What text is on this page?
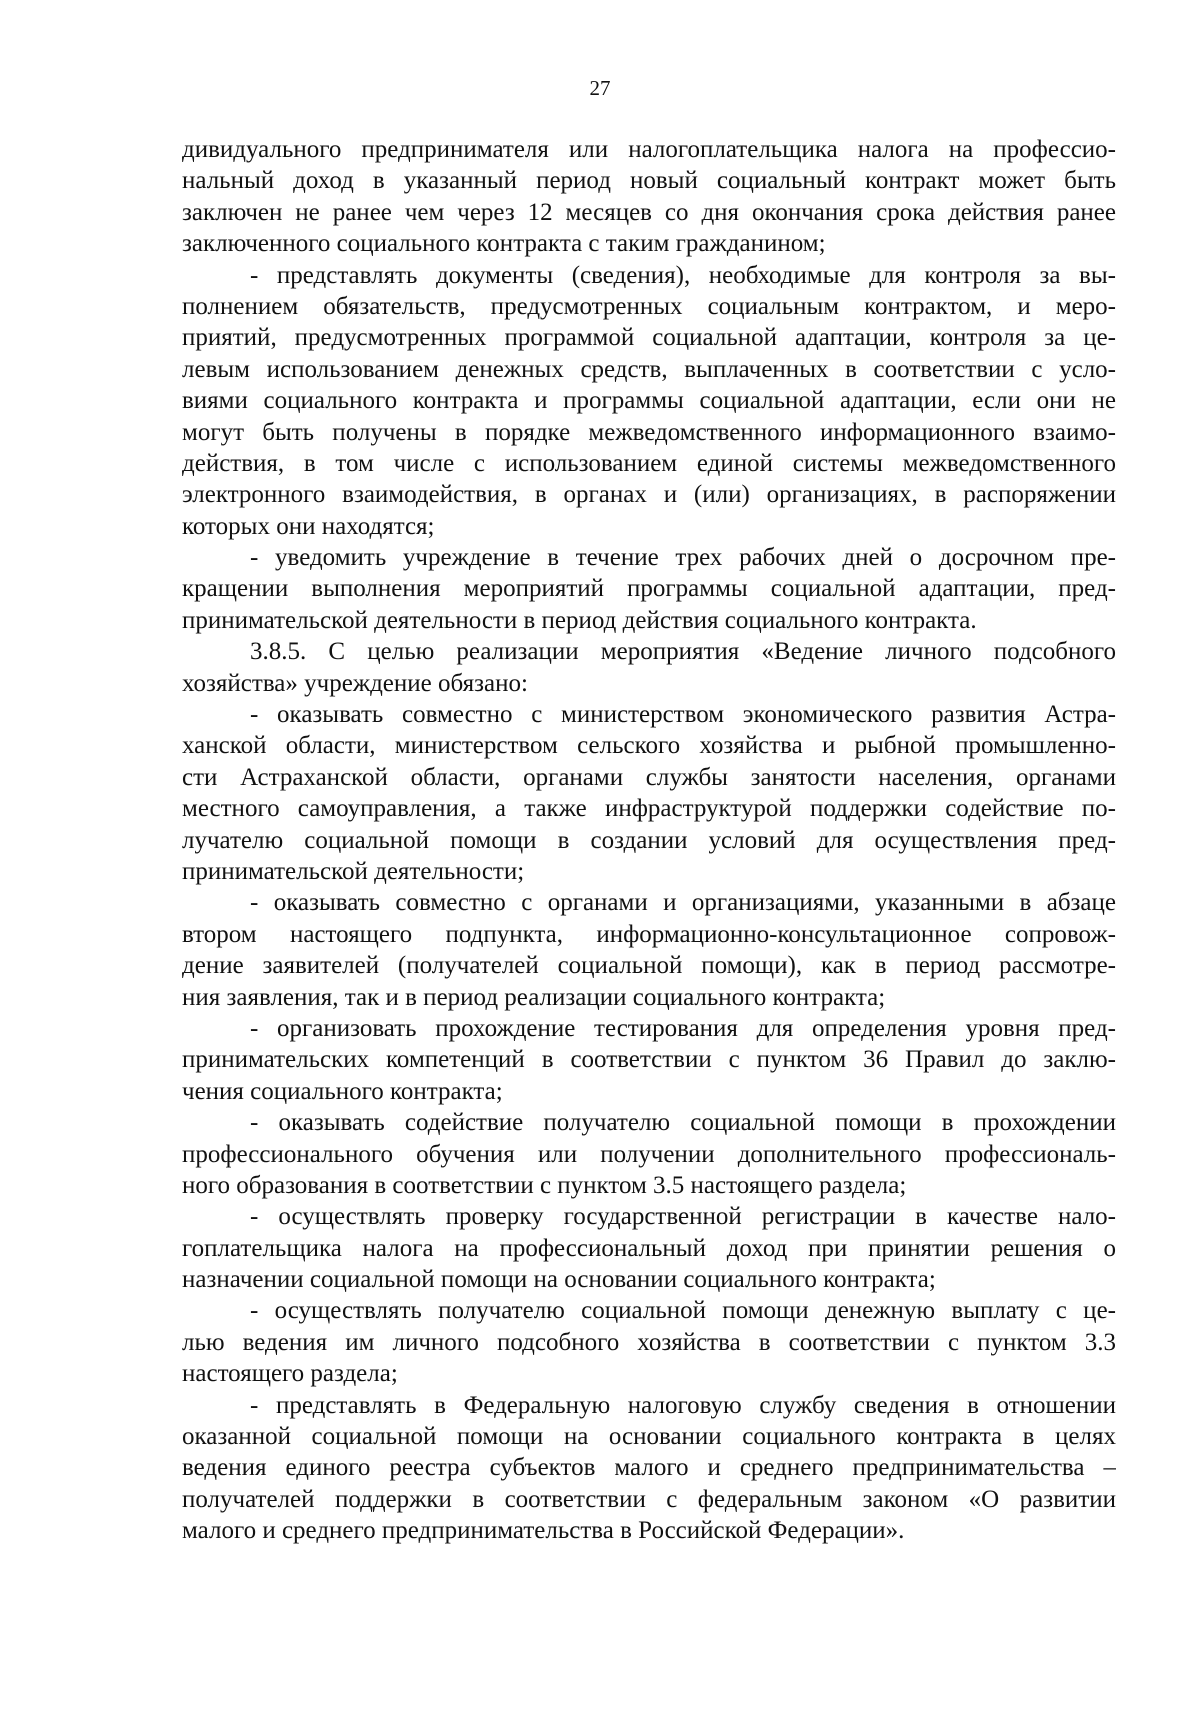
27
дивидуального предпринимателя или налогоплательщика налога на профессио-
нальный доход в указанный период новый социальный контракт может быть
заключен не ранее чем через 12 месяцев со дня окончания срока действия ранее
заключенного социального контракта с таким гражданином;
- представлять документы (сведения), необходимые для контроля за вы-
полнением обязательств, предусмотренных социальным контрактом, и меро-
приятий, предусмотренных программой социальной адаптации, контроля за це-
левым использованием денежных средств, выплаченных в соответствии с усло-
виями социального контракта и программы социальной адаптации, если они не
могут быть получены в порядке межведомственного информационного взаимо-
действия, в том числе с использованием единой системы межведомственного
электронного взаимодействия, в органах и (или) организациях, в распоряжении
которых они находятся;
- уведомить учреждение в течение трех рабочих дней о досрочном пре-
кращении выполнения мероприятий программы социальной адаптации, пред-
принимательской деятельности в период действия социального контракта.
3.8.5. С целью реализации мероприятия «Ведение личного подсобного
хозяйства» учреждение обязано:
- оказывать совместно с министерством экономического развития Астра-
ханской области, министерством сельского хозяйства и рыбной промышленно-
сти Астраханской области, органами службы занятости населения, органами
местного самоуправления, а также инфраструктурой поддержки содействие по-
лучателю социальной помощи в создании условий для осуществления пред-
принимательской деятельности;
- оказывать совместно с органами и организациями, указанными в абзаце
втором настоящего подпункта, информационно-консультационное сопровож-
дение заявителей (получателей социальной помощи), как в период рассмотре-
ния заявления, так и в период реализации социального контракта;
- организовать прохождение тестирования для определения уровня пред-
принимательских компетенций в соответствии с пунктом 36 Правил до заклю-
чения социального контракта;
- оказывать содействие получателю социальной помощи в прохождении
профессионального обучения или получении дополнительного профессиональ-
ного образования в соответствии с пунктом 3.5 настоящего раздела;
- осуществлять проверку государственной регистрации в качестве нало-
гоплательщика налога на профессиональный доход при принятии решения о
назначении социальной помощи на основании социального контракта;
- осуществлять получателю социальной помощи денежную выплату с це-
лью ведения им личного подсобного хозяйства в соответствии с пунктом 3.3
настоящего раздела;
- представлять в Федеральную налоговую службу сведения в отношении
оказанной социальной помощи на основании социального контракта в целях
ведения единого реестра субъектов малого и среднего предпринимательства –
получателей поддержки в соответствии с федеральным законом «О развитии
малого и среднего предпринимательства в Российской Федерации».
